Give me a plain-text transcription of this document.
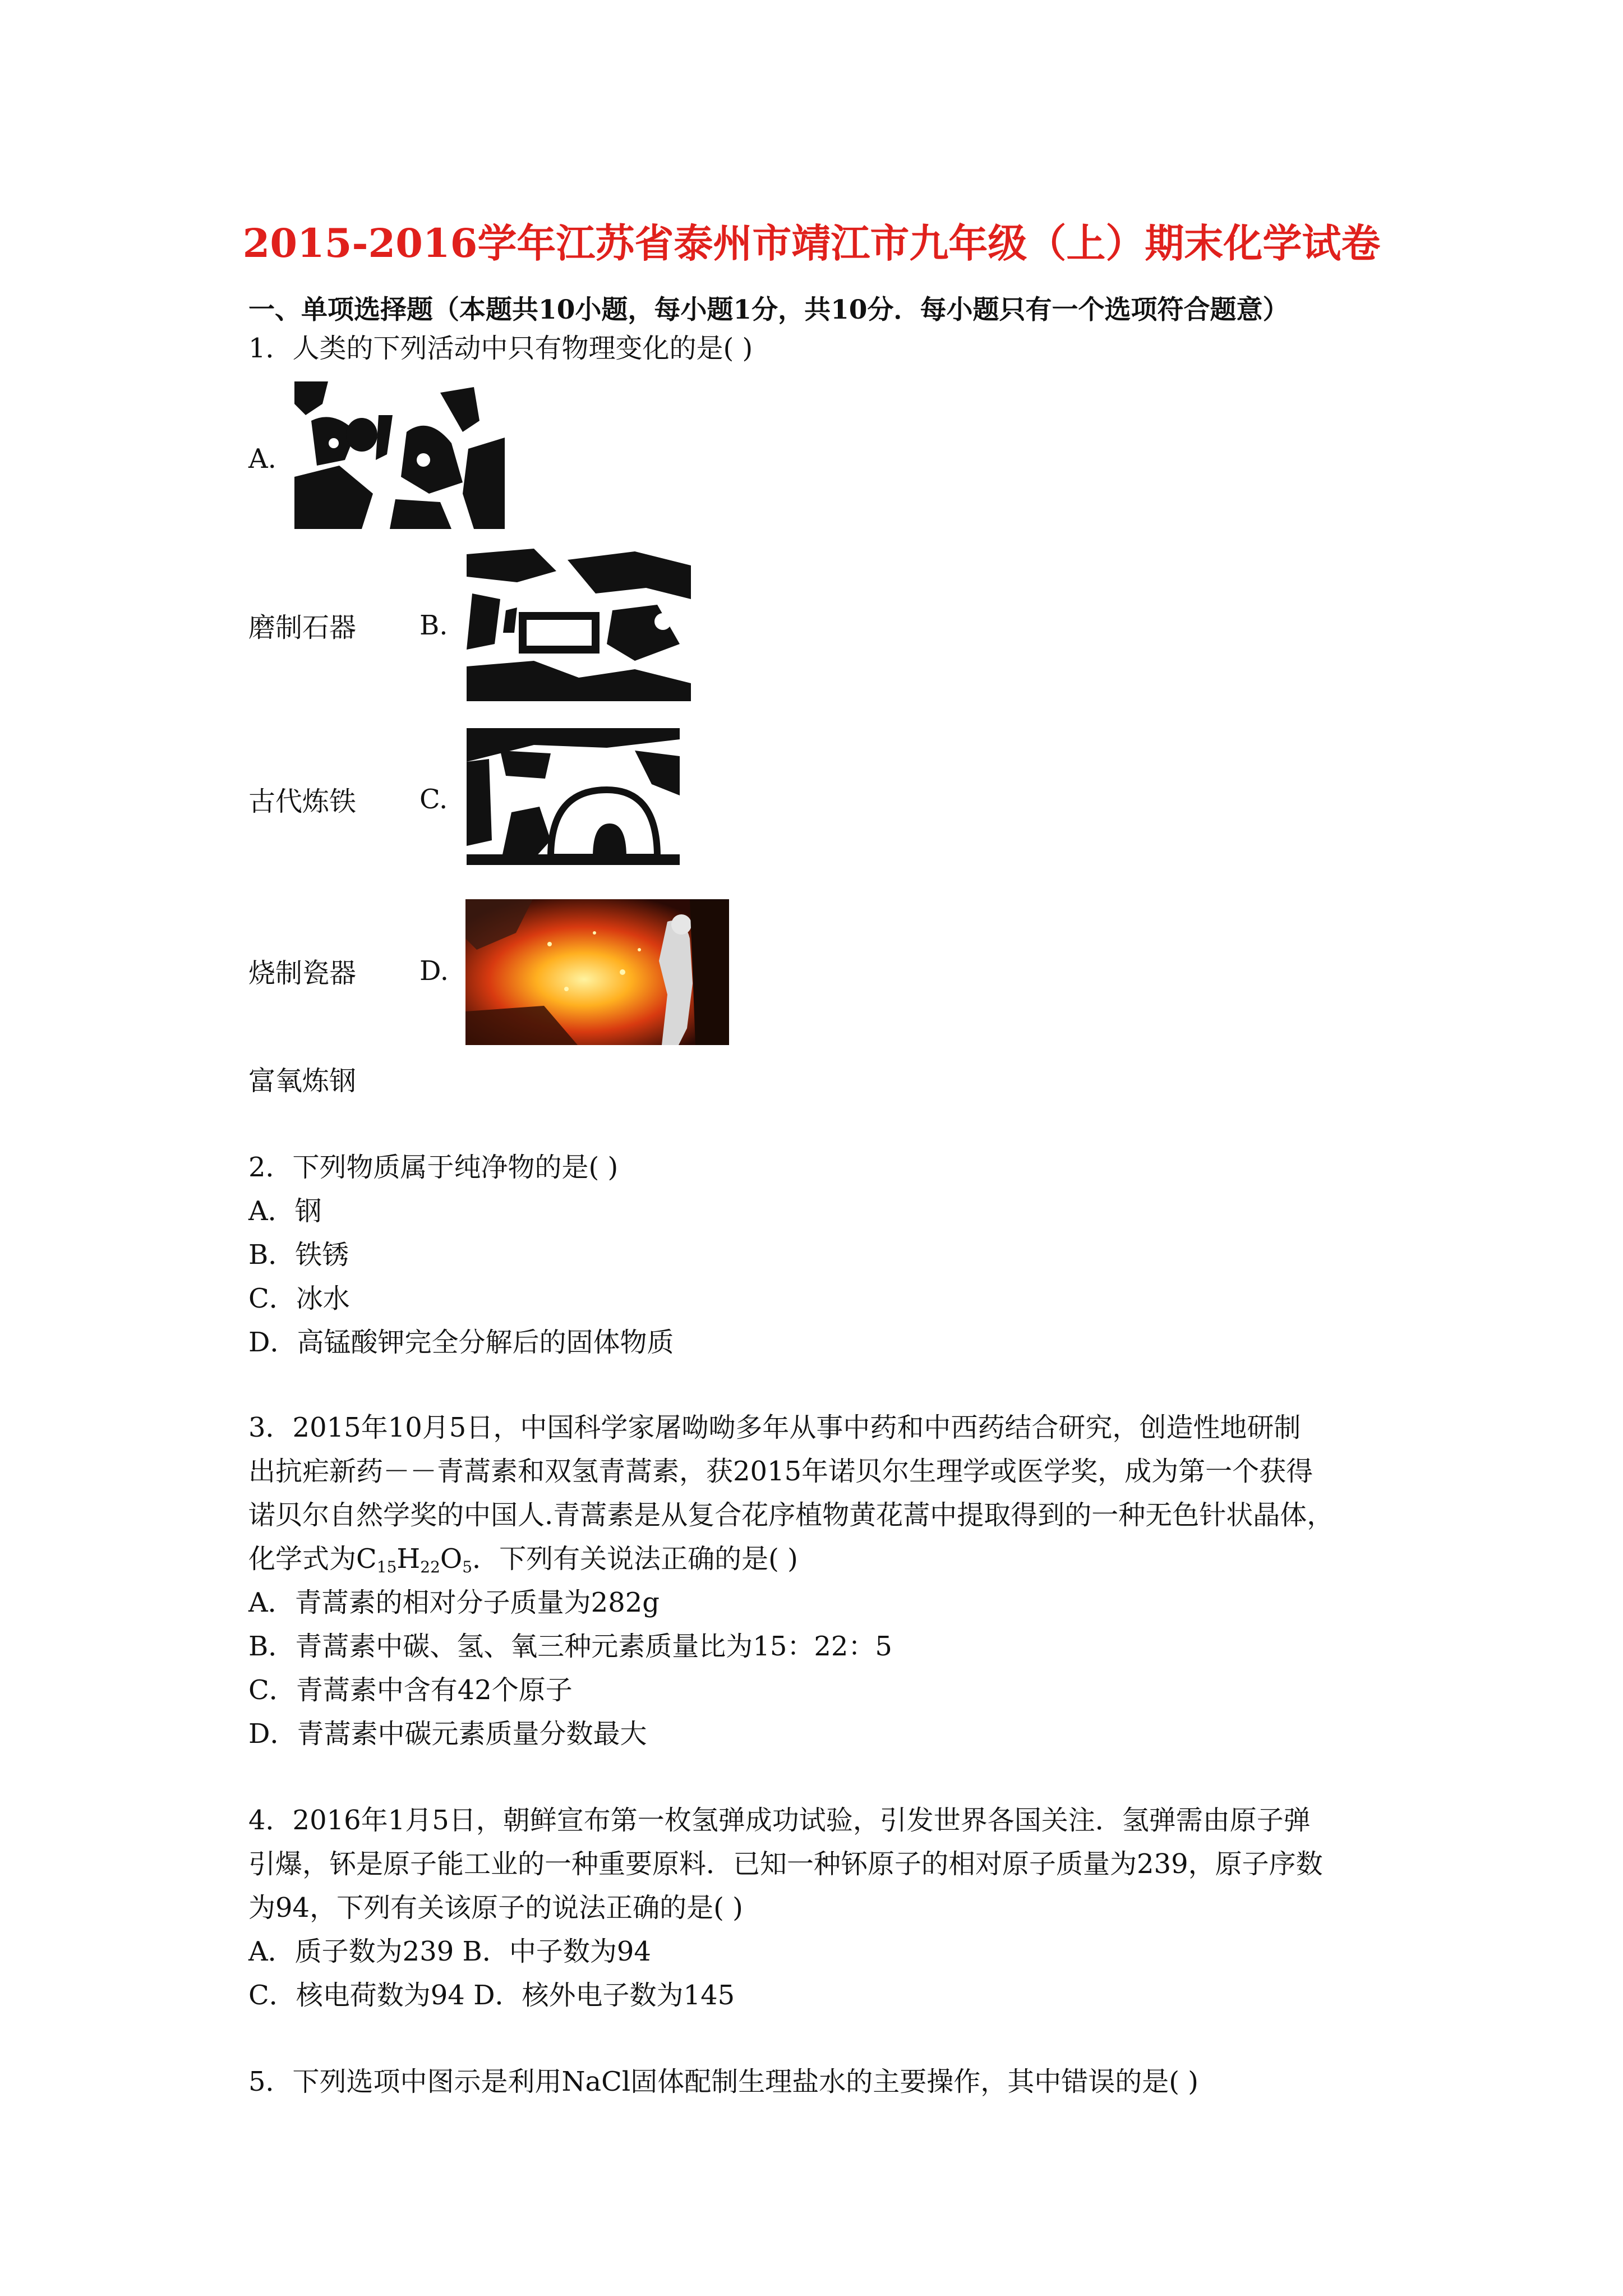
2015-2016学年江苏省泰州市靖江市九年级（上）期末化学试卷
一、单项选择题（本题共10小题，每小题1分，共10分．每小题只有一个选项符合题意）
1．人类的下列活动中只有物理变化的是( )
A.
磨制石器 B.
古代炼铁 C.
烧制瓷器 D.
富氧炼钢
2．下列物质属于纯净物的是( )
A．钢
B．铁锈
C．冰水
D．高锰酸钾完全分解后的固体物质
3．2015年10月5日，中国科学家屠呦呦多年从事中药和中西药结合研究，创造性地研制
出抗疟新药－－青蒿素和双氢青蒿素，获2015年诺贝尔生理学或医学奖，成为第一个获得
诺贝尔自然学奖的中国人.青蒿素是从复合花序植物黄花蒿中提取得到的一种无色针状晶体，
化学式为$C_{15}H_{22}O_5$．下列有关说法正确的是( )
A．青蒿素的相对分子质量为282g
B．青蒿素中碳、氢、氧三种元素质量比为15：22：5
C．青蒿素中含有42个原子
D．青蒿素中碳元素质量分数最大
4．2016年1月5日，朝鲜宣布第一枚氢弹成功试验，引发世界各国关注．氢弹需由原子弹
引爆，钚是原子能工业的一种重要原料．已知一种钚原子的相对原子质量为239，原子序数
为94，下列有关该原子的说法正确的是( )
A．质子数为239 B．中子数为94
C．核电荷数为94 D．核外电子数为145
5．下列选项中图示是利用NaCl固体配制生理盐水的主要操作，其中错误的是( )
